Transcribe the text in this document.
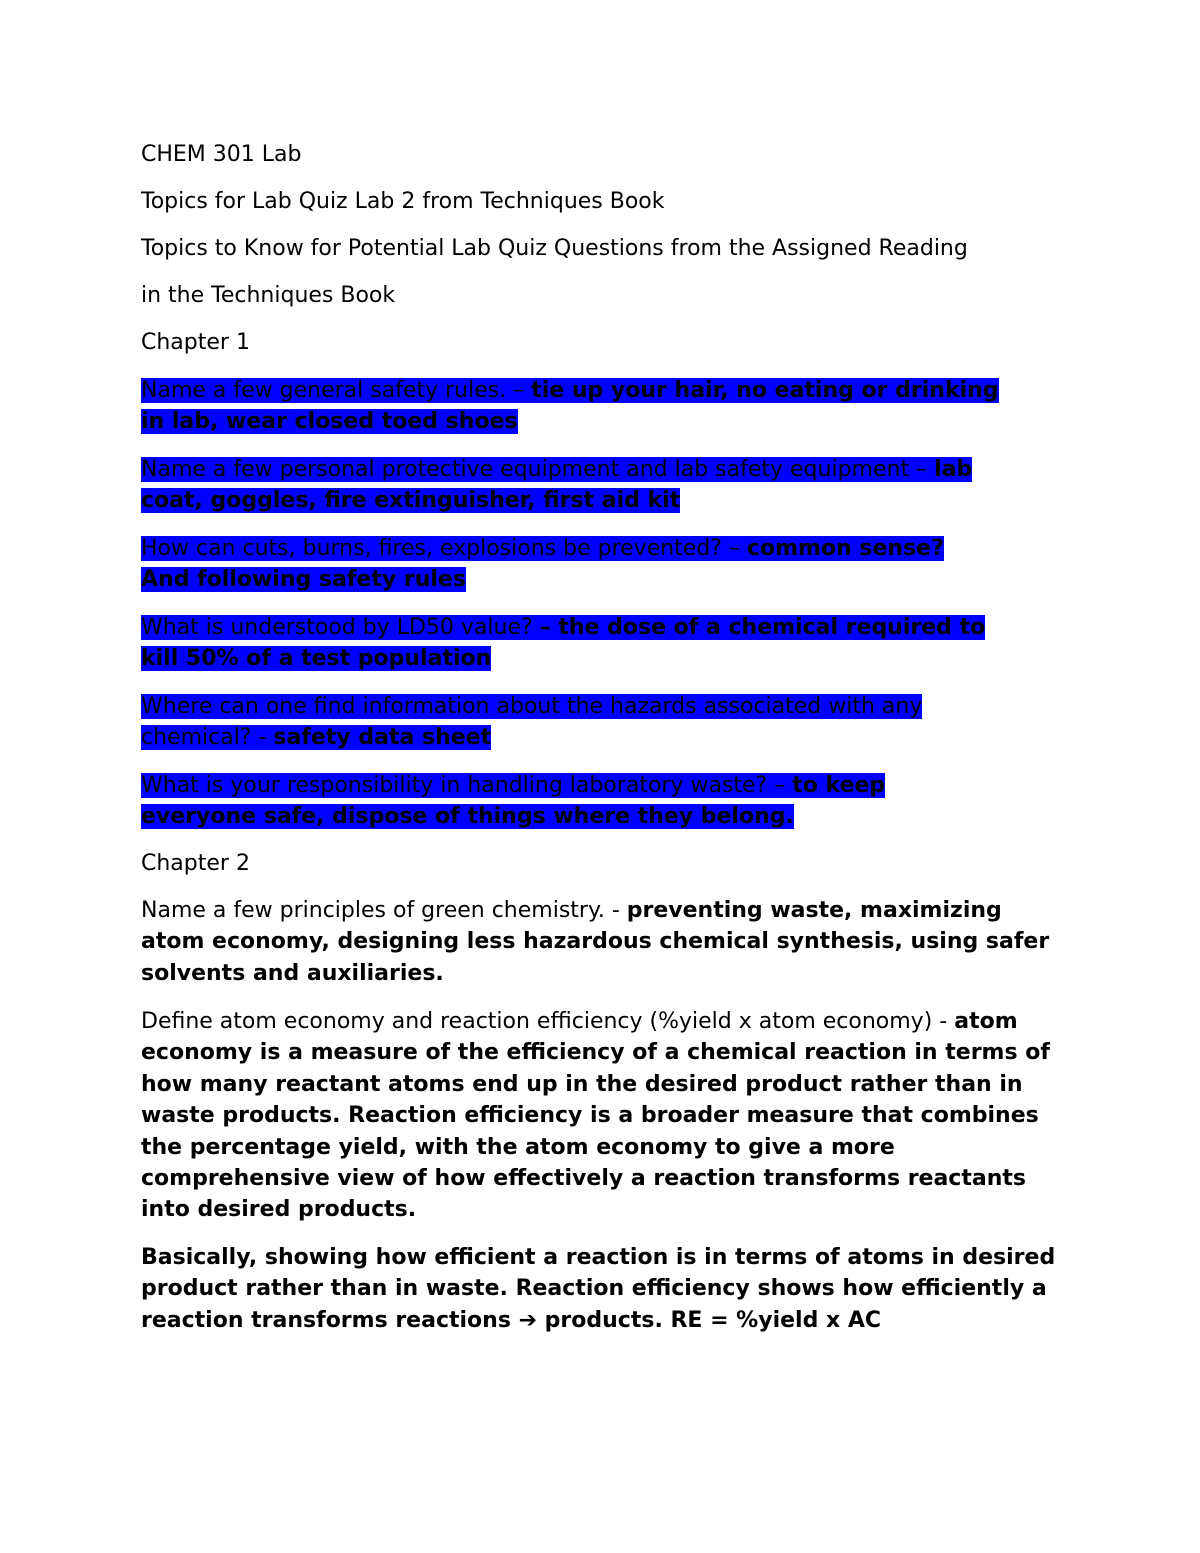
CHEM 301 Lab
Topics for Lab Quiz Lab 2 from Techniques Book
Topics to Know for Potential Lab Quiz Questions from the Assigned Reading
in the Techniques Book
Chapter 1
Name a few general safety rules. – tie up your hair, no eating or drinking
in lab, wear closed toed shoes
Name a few personal protective equipment and lab safety equipment – lab
coat, goggles, fire extinguisher, first aid kit
How can cuts, burns, fires, explosions be prevented? – common sense?
And following safety rules
What is understood by LD50 value? – the dose of a chemical required to
kill 50% of a test population
Where can one find information about the hazards associated with any
chemical? - safety data sheet
What is your responsibility in handling laboratory waste? – to keep
everyone safe, dispose of things where they belong.
Chapter 2
Name a few principles of green chemistry. - preventing waste, maximizing atom economy, designing less hazardous chemical synthesis, using safer solvents and auxiliaries.
Define atom economy and reaction efficiency (%yield x atom economy) - atom economy is a measure of the efficiency of a chemical reaction in terms of how many reactant atoms end up in the desired product rather than in waste products. Reaction efficiency is a broader measure that combines the percentage yield, with the atom economy to give a more comprehensive view of how effectively a reaction transforms reactants into desired products.
Basically, showing how efficient a reaction is in terms of atoms in desired product rather than in waste. Reaction efficiency shows how efficiently a reaction transforms reactions ➔ products. RE = %yield x AC
